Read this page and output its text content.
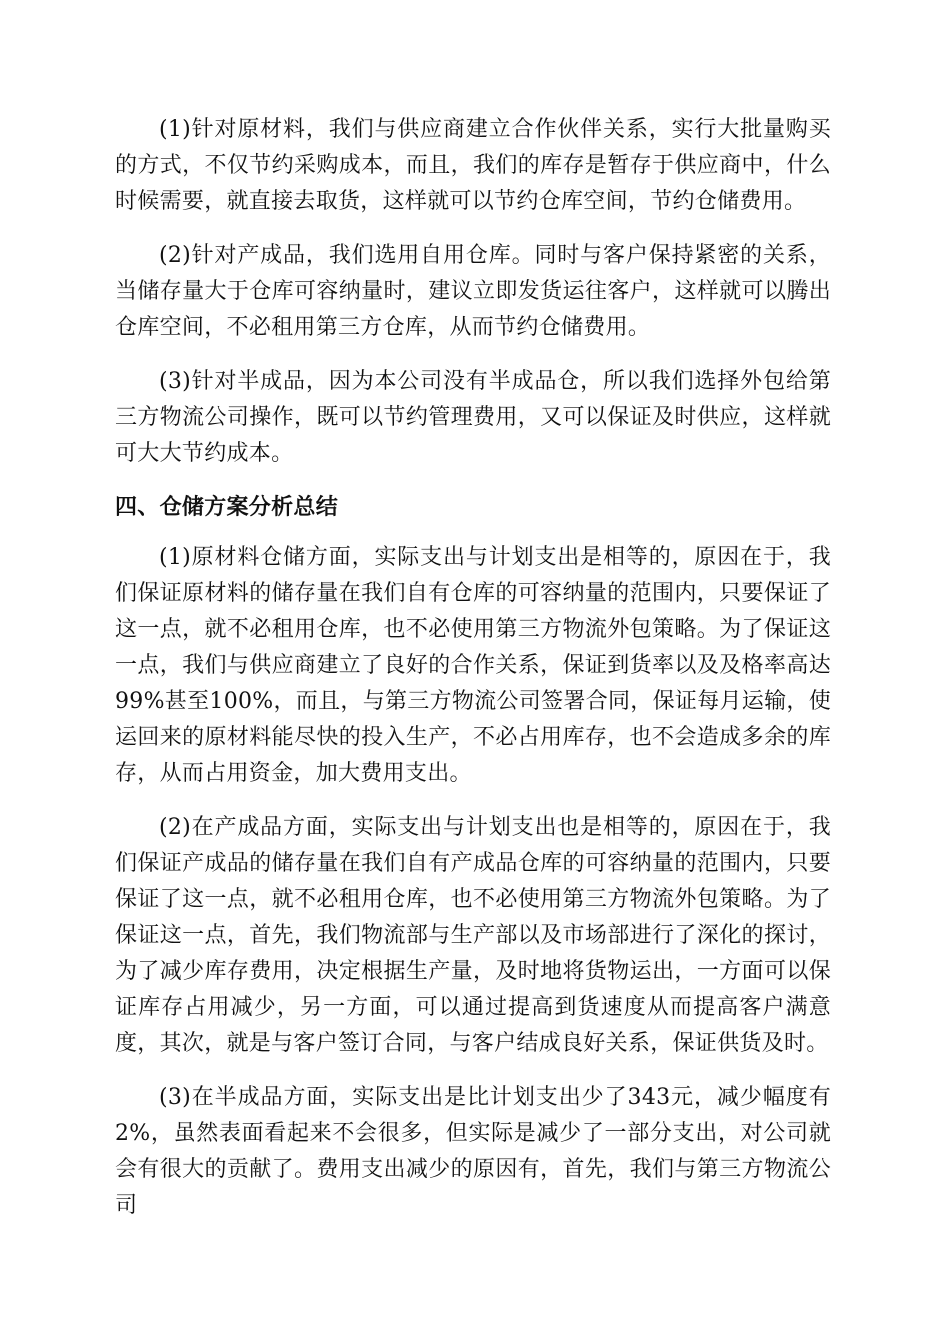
(1)针对原材料，我们与供应商建立合作伙伴关系，实行大批量购买的方式，不仅节约采购成本，而且，我们的库存是暂存于供应商中，什么时候需要，就直接去取货，这样就可以节约仓库空间，节约仓储费用。

(2)针对产成品，我们选用自用仓库。同时与客户保持紧密的关系，当储存量大于仓库可容纳量时，建议立即发货运往客户，这样就可以腾出仓库空间，不必租用第三方仓库，从而节约仓储费用。

(3)针对半成品，因为本公司没有半成品仓，所以我们选择外包给第三方物流公司操作，既可以节约管理费用，又可以保证及时供应，这样就可大大节约成本。

四、仓储方案分析总结

(1)原材料仓储方面，实际支出与计划支出是相等的，原因在于，我们保证原材料的储存量在我们自有仓库的可容纳量的范围内，只要保证了这一点，就不必租用仓库，也不必使用第三方物流外包策略。为了保证这一点，我们与供应商建立了良好的合作关系，保证到货率以及及格率高达99%甚至100%，而且，与第三方物流公司签署合同，保证每月运输，使运回来的原材料能尽快的投入生产，不必占用库存，也不会造成多余的库存，从而占用资金，加大费用支出。

(2)在产成品方面，实际支出与计划支出也是相等的，原因在于，我们保证产成品的储存量在我们自有产成品仓库的可容纳量的范围内，只要保证了这一点，就不必租用仓库，也不必使用第三方物流外包策略。为了保证这一点，首先，我们物流部与生产部以及市场部进行了深化的探讨，为了减少库存费用，决定根据生产量，及时地将货物运出，一方面可以保证库存占用减少，另一方面，可以通过提高到货速度从而提高客户满意度，其次，就是与客户签订合同，与客户结成良好关系，保证供货及时。

(3)在半成品方面，实际支出是比计划支出少了343元，减少幅度有2%，虽然表面看起来不会很多，但实际是减少了一部分支出，对公司就会有很大的贡献了。费用支出减少的原因有，首先，我们与第三方物流公司
